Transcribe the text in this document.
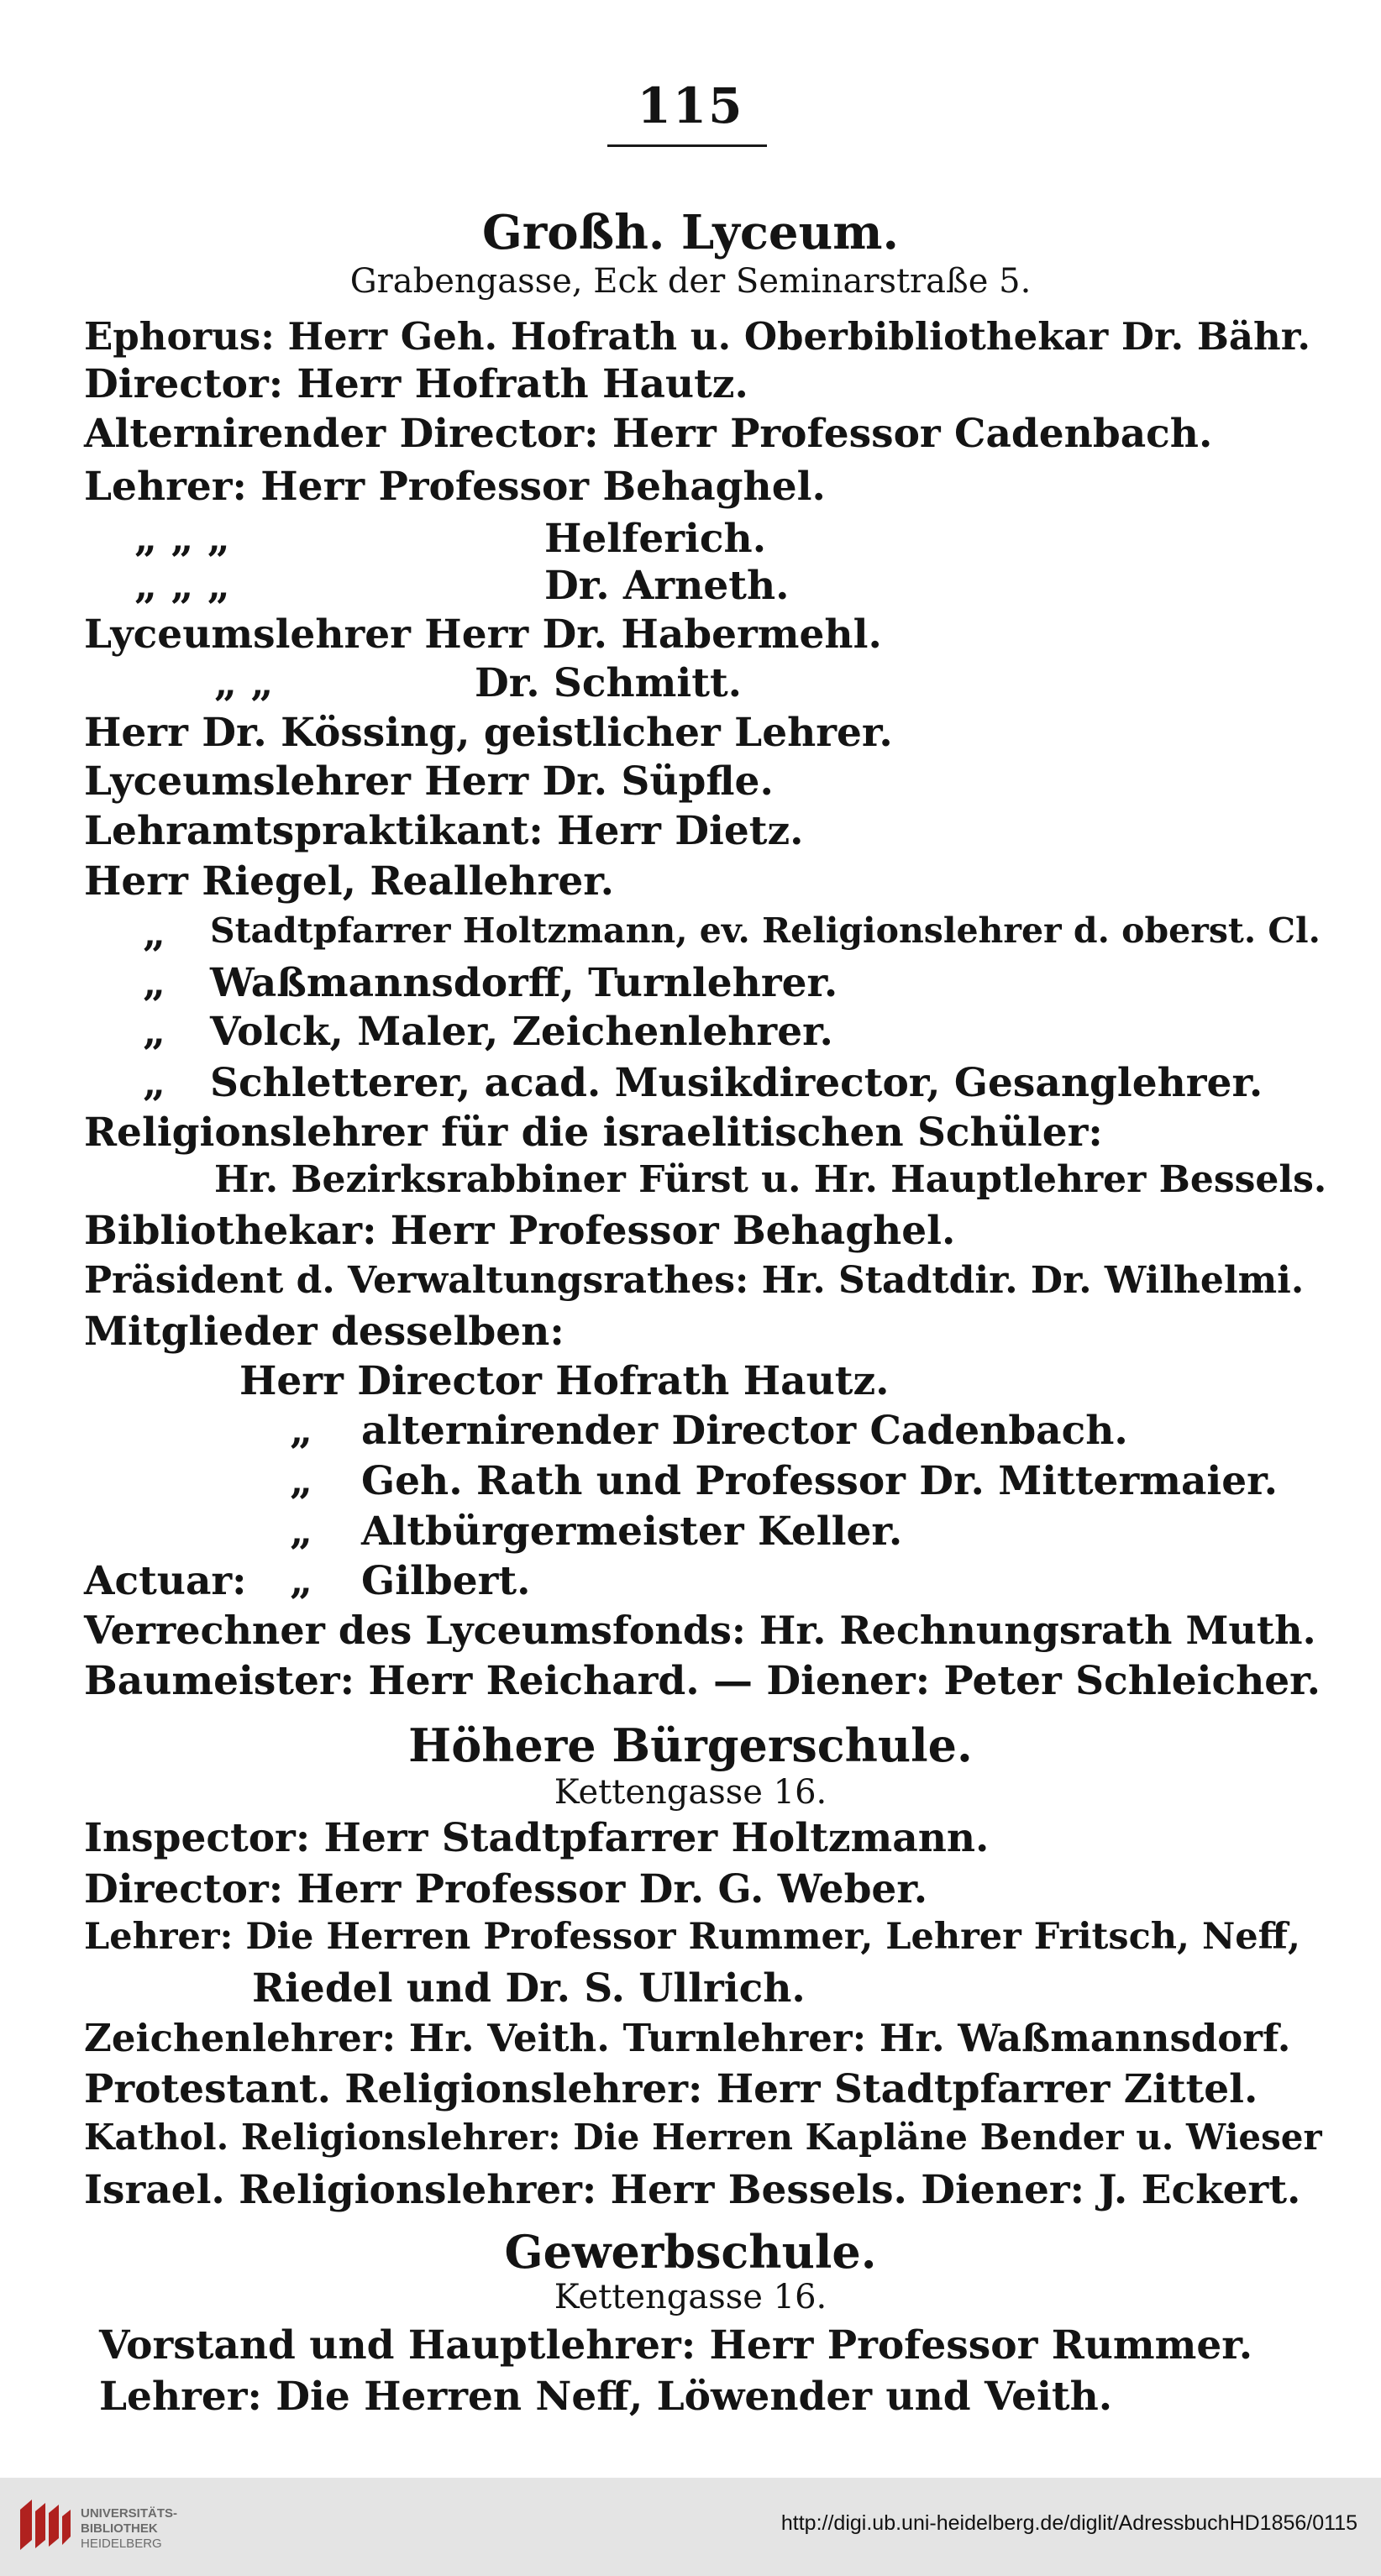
115
Großh. Lyceum.
Grabengasse, Eck der Seminarstraße 5.
Ephorus: Herr Geh. Hofrath u. Oberbibliothekar Dr. Bähr.
Director: Herr Hofrath Hautz.
Alternirender Director: Herr Professor Cadenbach.
Lehrer: Herr Professor Behaghel.
„ „ „	Helferich.
„ „ „	Dr. Arneth.
Lyceumslehrer Herr Dr. Habermehl.
„ „	Dr. Schmitt.
Herr Dr. Kössing, geistlicher Lehrer.
Lyceumslehrer Herr Dr. Süpfle.
Lehramtspraktikant: Herr Dietz.
Herr Riegel, Reallehrer.
„ Stadtpfarrer Holtzmann, ev. Religionslehrer d. oberst. Cl.
„ Waßmannsdorff, Turnlehrer.
„ Volck, Maler, Zeichenlehrer.
„ Schletterer, acad. Musikdirector, Gesanglehrer.
Religionslehrer für die israelitischen Schüler:
Hr. Bezirksrabbiner Fürst u. Hr. Hauptlehrer Bessels.
Bibliothekar: Herr Professor Behaghel.
Präsident d. Verwaltungsrathes: Hr. Stadtdir. Dr. Wilhelmi.
Mitglieder desselben:
Herr Director Hofrath Hautz.
„ alternirender Director Cadenbach.
„ Geh. Rath und Professor Dr. Mittermaier.
„ Altbürgermeister Keller.
Actuar: „ Gilbert.
Verrechner des Lyceumsfonds: Hr. Rechnungsrath Muth.
Baumeister: Herr Reichard. — Diener: Peter Schleicher.
Höhere Bürgerschule.
Kettengasse 16.
Inspector: Herr Stadtpfarrer Holtzmann.
Director: Herr Professor Dr. G. Weber.
Lehrer: Die Herren Professor Rummer, Lehrer Fritsch, Neff,
Riedel und Dr. S. Ullrich.
Zeichenlehrer: Hr. Veith. Turnlehrer: Hr. Waßmannsdorf.
Protestant. Religionslehrer: Herr Stadtpfarrer Zittel.
Kathol. Religionslehrer: Die Herren Kapläne Bender u. Wieser
Israel. Religionslehrer: Herr Bessels. Diener: J. Eckert.
Gewerbschule.
Kettengasse 16.
Vorstand und Hauptlehrer: Herr Professor Rummer.
Lehrer: Die Herren Neff, Löwender und Veith.
UNIVERSITÄTS-
BIBLIOTHEK
HEIDELBERG
http://digi.ub.uni-heidelberg.de/diglit/AdressbuchHD1856/0115
